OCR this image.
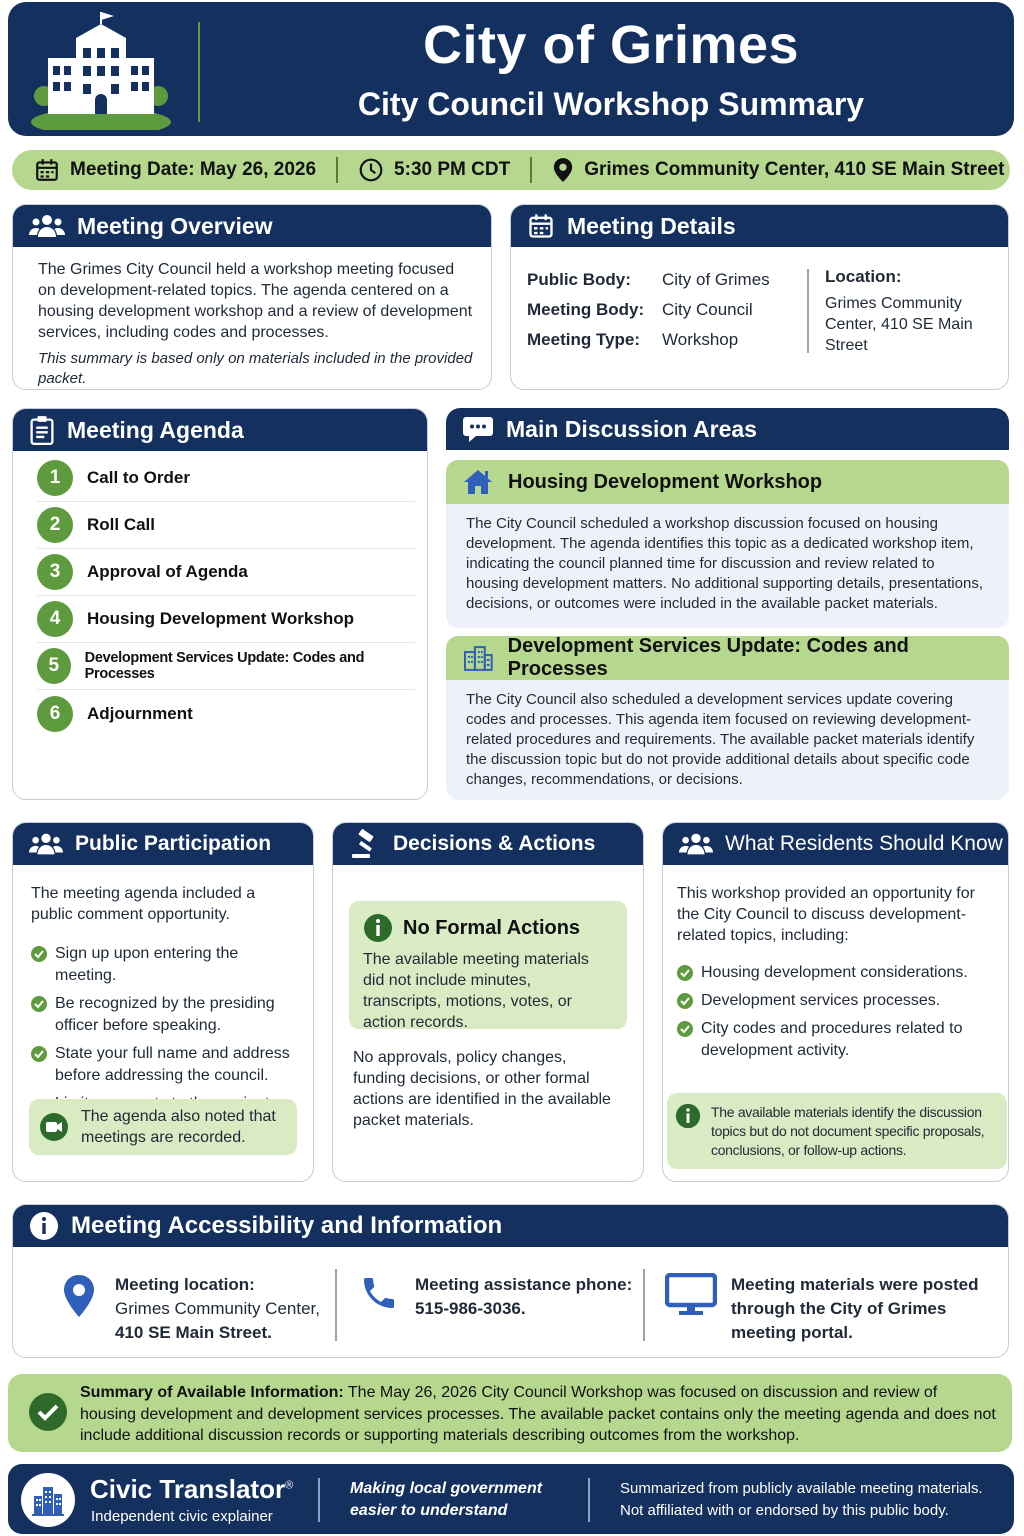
City of Grimes
City Council Workshop Summary
Meeting Date: May 26, 2026	5:30 PM CDT	Grimes Community Center, 410 SE Main Street
Meeting Overview

The Grimes City Council held a workshop meeting focused on development-related topics. The agenda centered on a housing development workshop and a review of development services, including codes and processes.

This summary is based only on materials included in the provided packet.

Meeting Details
Public Body:	City of Grimes
Meeting Body:	City Council
Meeting Type:	Workshop
Location:
Grimes Community Center, 410 SE Main Street
Meeting Agenda
1	Call to Order
2	Roll Call
3	Approval of Agenda
4	Housing Development Workshop
5	Development Services Update: Codes and Processes
6	Adjournment
Main Discussion Areas
Housing Development Workshop
The City Council scheduled a workshop discussion focused on housing development. The agenda identifies this topic as a dedicated workshop item, indicating the council planned time for discussion and review related to housing development matters. No additional supporting details, presentations, decisions, or outcomes were included in the available packet materials.
Development Services Update: Codes and Processes
The City Council also scheduled a development services update covering codes and processes. This agenda item focused on reviewing development-related procedures and requirements. The available packet materials identify the discussion topic but do not provide additional details about specific code changes, recommendations, or decisions.
Public Participation

The meeting agenda included a public comment opportunity.

Sign up upon entering the meeting.
Be recognized by the presiding officer before speaking.
State your full name and address before addressing the council.
The agenda also noted that meetings are recorded.
Decisions & Actions
No Formal Actions

The available meeting materials did not include minutes, transcripts, motions, votes, or action records.

No approvals, policy changes, funding decisions, or other formal actions are identified in the available packet materials.

What Residents Should Know

This workshop provided an opportunity for the City Council to discuss development-related topics, including:

Housing development considerations.
Development services processes.
City codes and procedures related to development activity.
The available materials identify the discussion topics but do not document specific proposals, conclusions, or follow-up actions.
Meeting Accessibility and Information
Meeting location:
Grimes Community Center,
410 SE Main Street.
Meeting assistance phone:
515-986-3036.
Meeting materials were posted through the City of Grimes meeting portal.

Summary of Available Information: The May 26, 2026 City Council Workshop was focused on discussion and review of housing development and development services processes. The available packet contains only the meeting agenda and does not include additional discussion records or supporting materials describing outcomes from the workshop.

Civic Translator®
Independent civic explainer
Making local government
easier to understand
Summarized from publicly available meeting materials.
Not affiliated with or endorsed by this public body.
